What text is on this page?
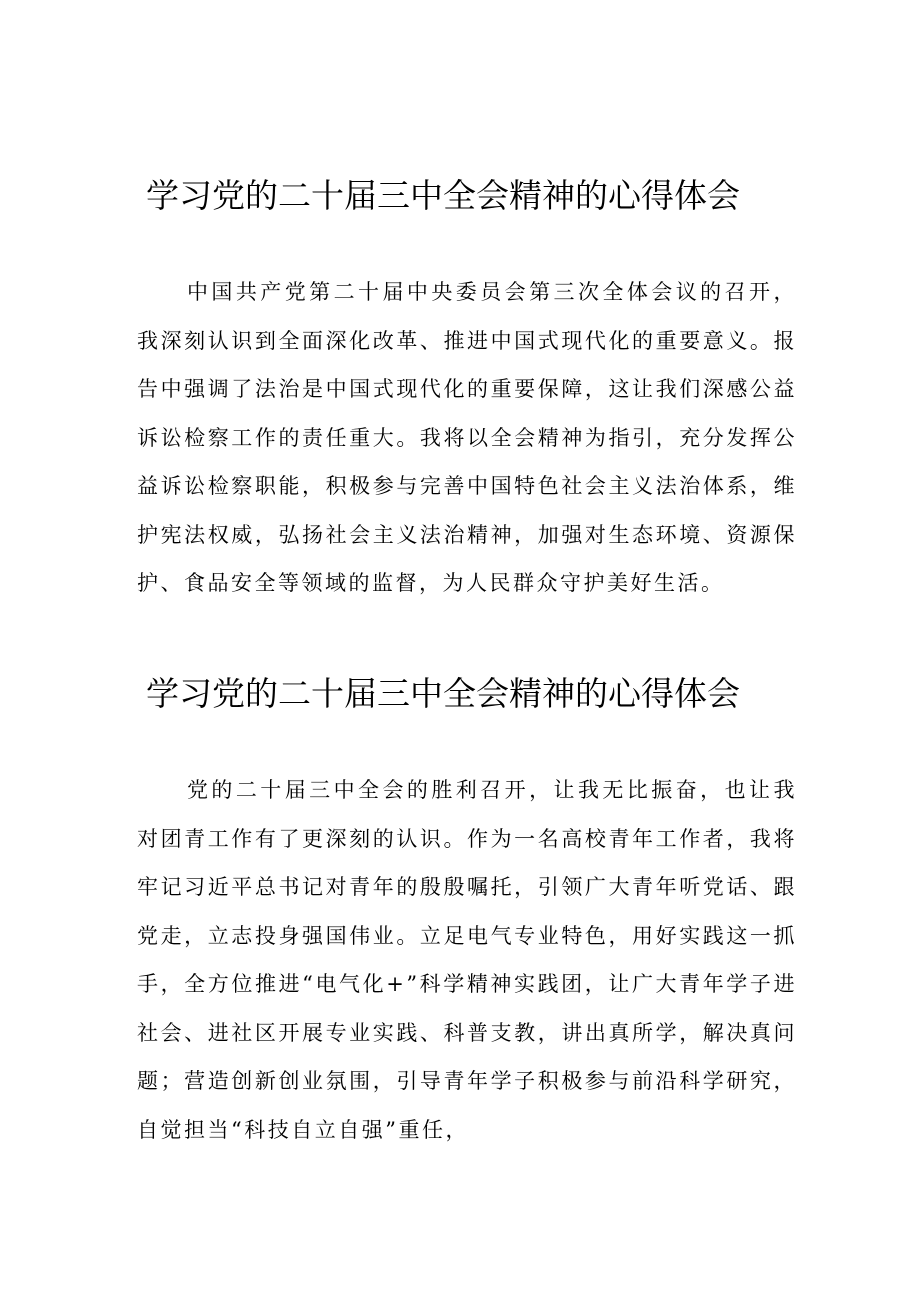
学习党的二十届三中全会精神的心得体会

中国共产党第二十届中央委员会第三次全体会议的召开，我深刻认识到全面深化改革、推进中国式现代化的重要意义。报告中强调了法治是中国式现代化的重要保障，这让我们深感公益诉讼检察工作的责任重大。我将以全会精神为指引，充分发挥公益诉讼检察职能，积极参与完善中国特色社会主义法治体系，维护宪法权威，弘扬社会主义法治精神，加强对生态环境、资源保护、食品安全等领域的监督，为人民群众守护美好生活。

学习党的二十届三中全会精神的心得体会

党的二十届三中全会的胜利召开，让我无比振奋，也让我对团青工作有了更深刻的认识。作为一名高校青年工作者，我将牢记习近平总书记对青年的殷殷嘱托，引领广大青年听党话、跟党走，立志投身强国伟业。立足电气专业特色，用好实践这一抓手，全方位推进“电气化+”科学精神实践团，让广大青年学子进社会、进社区开展专业实践、科普支教，讲出真所学，解决真问题；营造创新创业氛围，引导青年学子积极参与前沿科学研究，自觉担当“科技自立自强”重任，
